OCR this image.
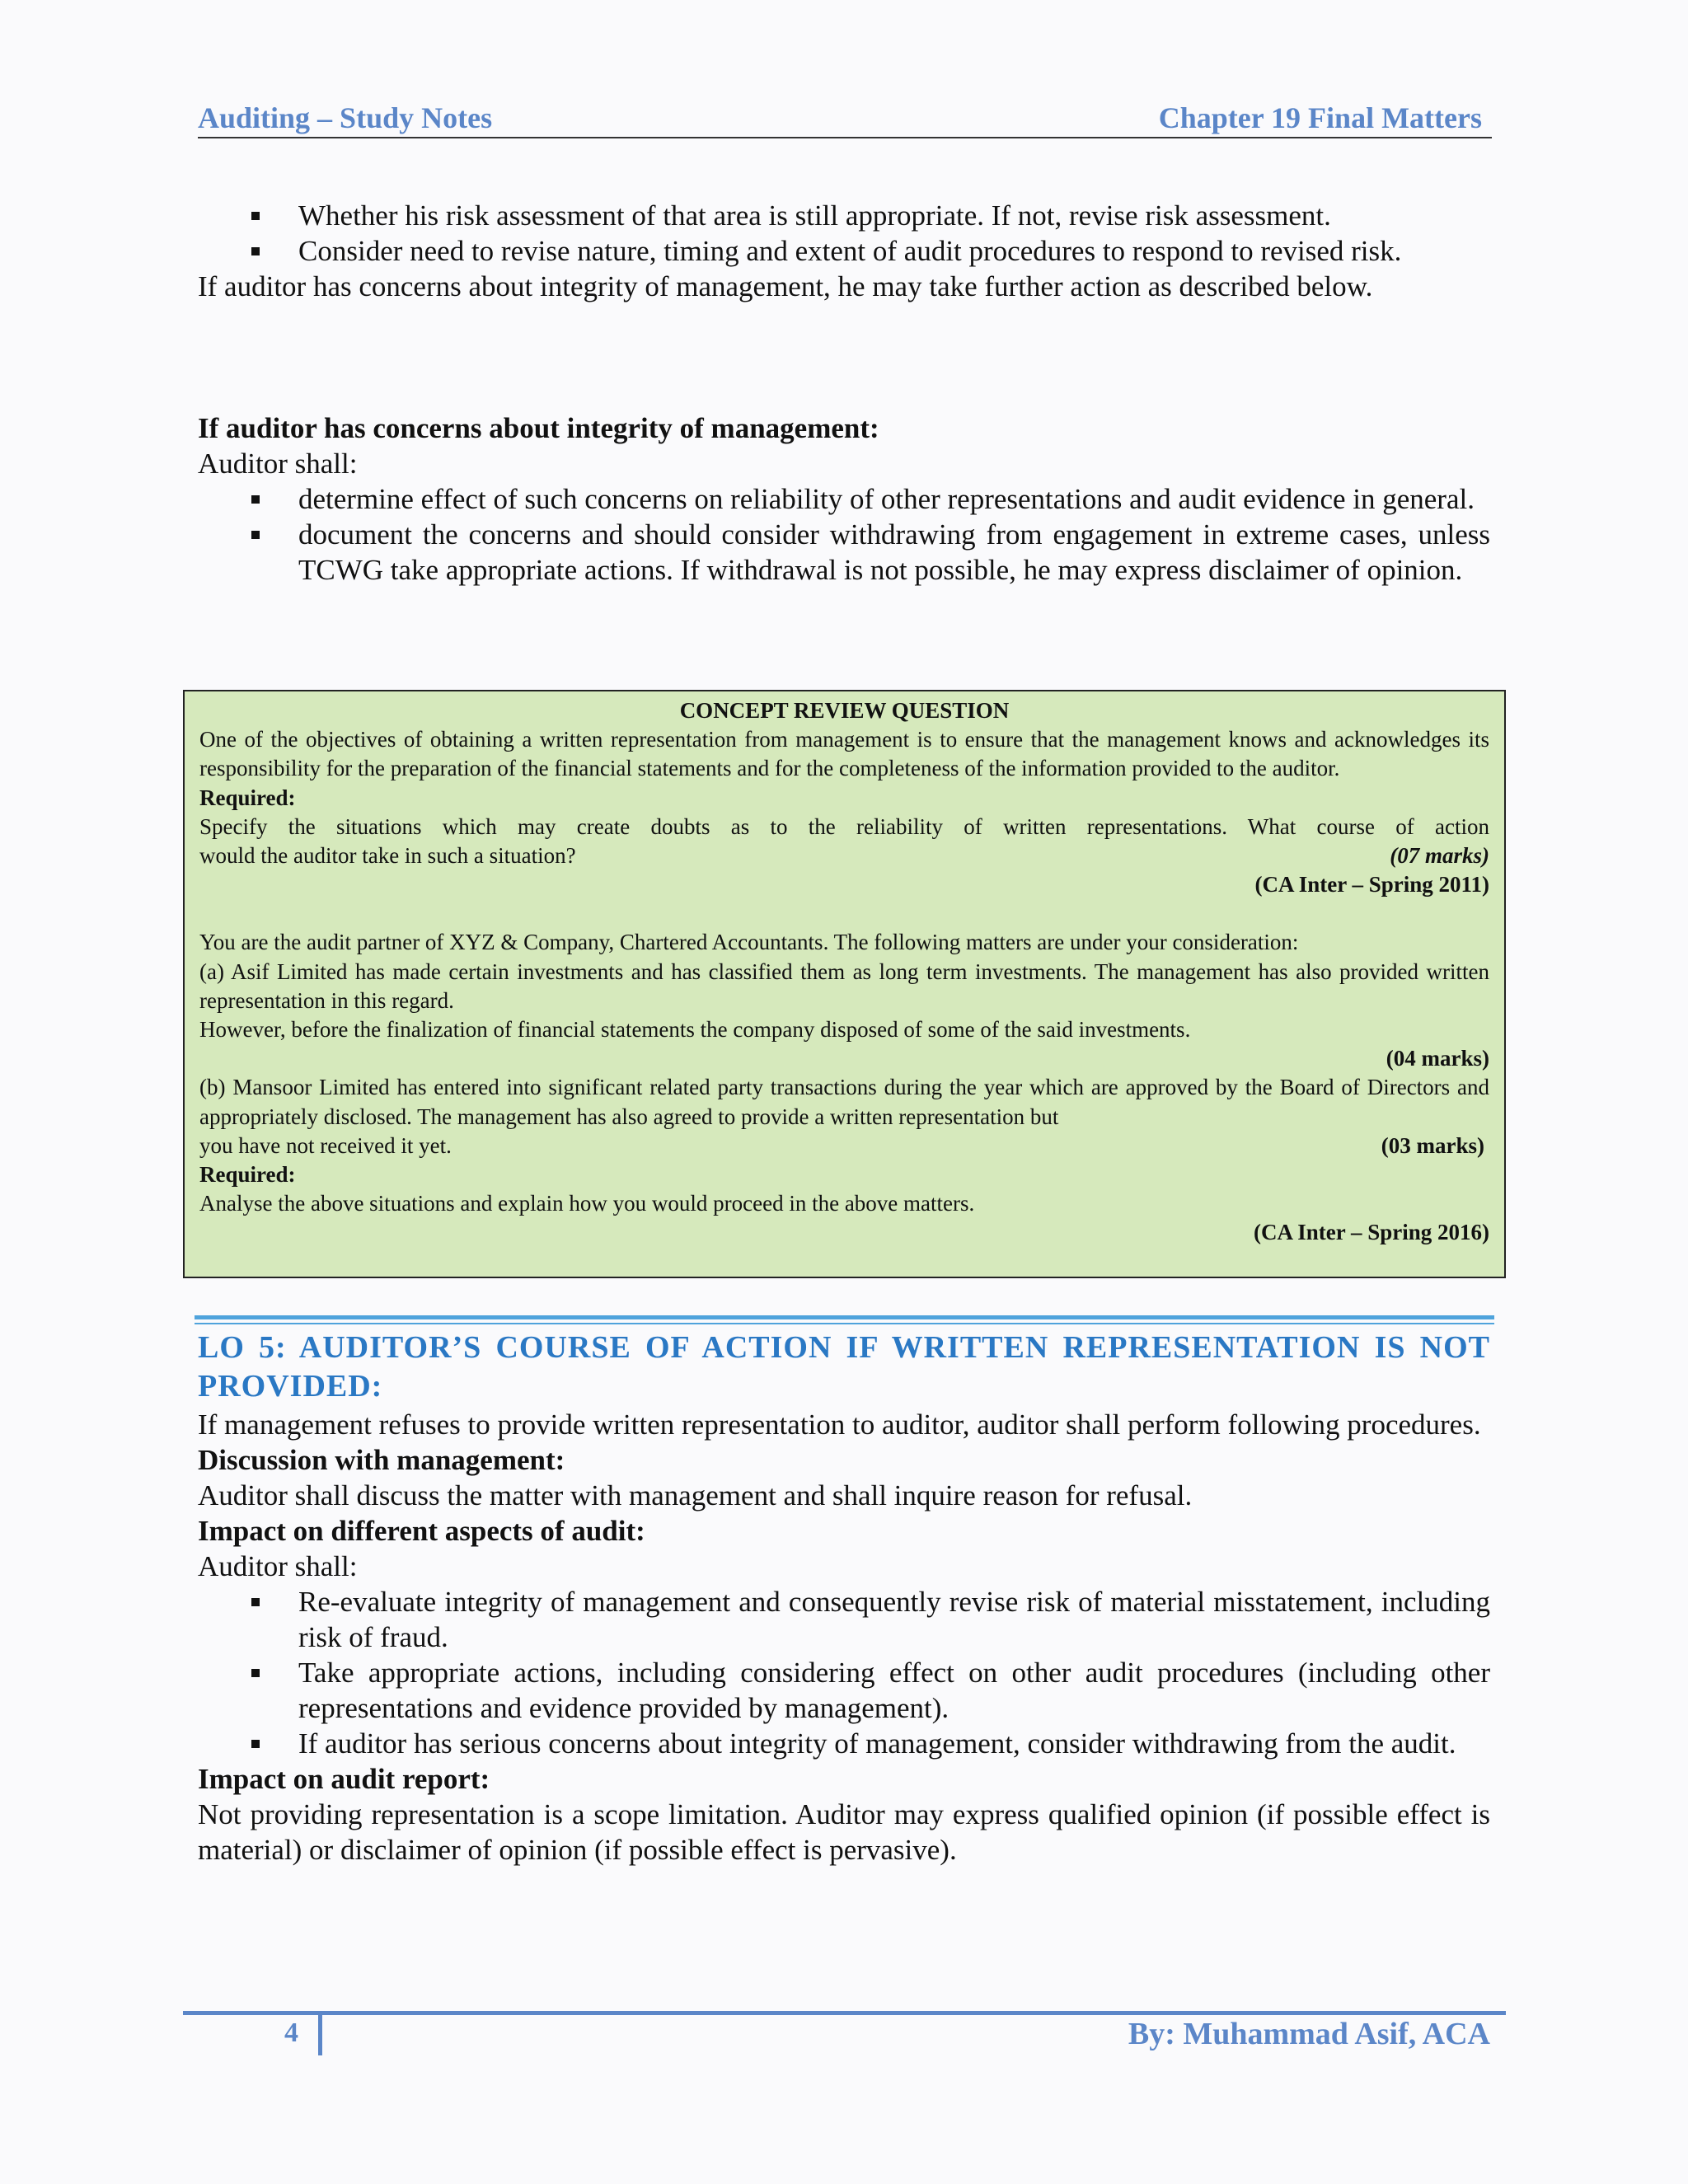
Auditing – Study Notes	Chapter 19 Final Matters
Whether his risk assessment of that area is still appropriate. If not, revise risk assessment.
Consider need to revise nature, timing and extent of audit procedures to respond to revised risk.
If auditor has concerns about integrity of management, he may take further action as described below.
If auditor has concerns about integrity of management:
Auditor shall:
determine effect of such concerns on reliability of other representations and audit evidence in general.
document the concerns and should consider withdrawing from engagement in extreme cases, unless TCWG take appropriate actions. If withdrawal is not possible, he may express disclaimer of opinion.
CONCEPT REVIEW QUESTION

One of the objectives of obtaining a written representation from management is to ensure that the management knows and acknowledges its responsibility for the preparation of the financial statements and for the completeness of the information provided to the auditor.

Required:

Specify the situations which may create doubts as to the reliability of written representations. What course of action

would the auditor take in such a situation?	(07 marks)
(CA Inter – Spring 2011)

You are the audit partner of XYZ & Company, Chartered Accountants. The following matters are under your consideration:

(a) Asif Limited has made certain investments and has classified them as long term investments. The management has also provided written representation in this regard.

However, before the finalization of financial statements the company disposed of some of the said investments.

(04 marks)

(b) Mansoor Limited has entered into significant related party transactions during the year which are approved by the Board of Directors and appropriately disclosed. The management has also agreed to provide a written representation but

you have not received it yet.	(03 marks)

Required:

Analyse the above situations and explain how you would proceed in the above matters.

(CA Inter – Spring 2016)
LO 5: AUDITOR’S COURSE OF ACTION IF WRITTEN REPRESENTATION IS NOT PROVIDED:
If management refuses to provide written representation to auditor, auditor shall perform following procedures.
Discussion with management:
Auditor shall discuss the matter with management and shall inquire reason for refusal.
Impact on different aspects of audit:
Auditor shall:
Re-evaluate integrity of management and consequently revise risk of material misstatement, including risk of fraud.
Take appropriate actions, including considering effect on other audit procedures (including other representations and evidence provided by management).
If auditor has serious concerns about integrity of management, consider withdrawing from the audit.
Impact on audit report:
Not providing representation is a scope limitation. Auditor may express qualified opinion (if possible effect is material) or disclaimer of opinion (if possible effect is pervasive).
4	By: Muhammad Asif, ACA
